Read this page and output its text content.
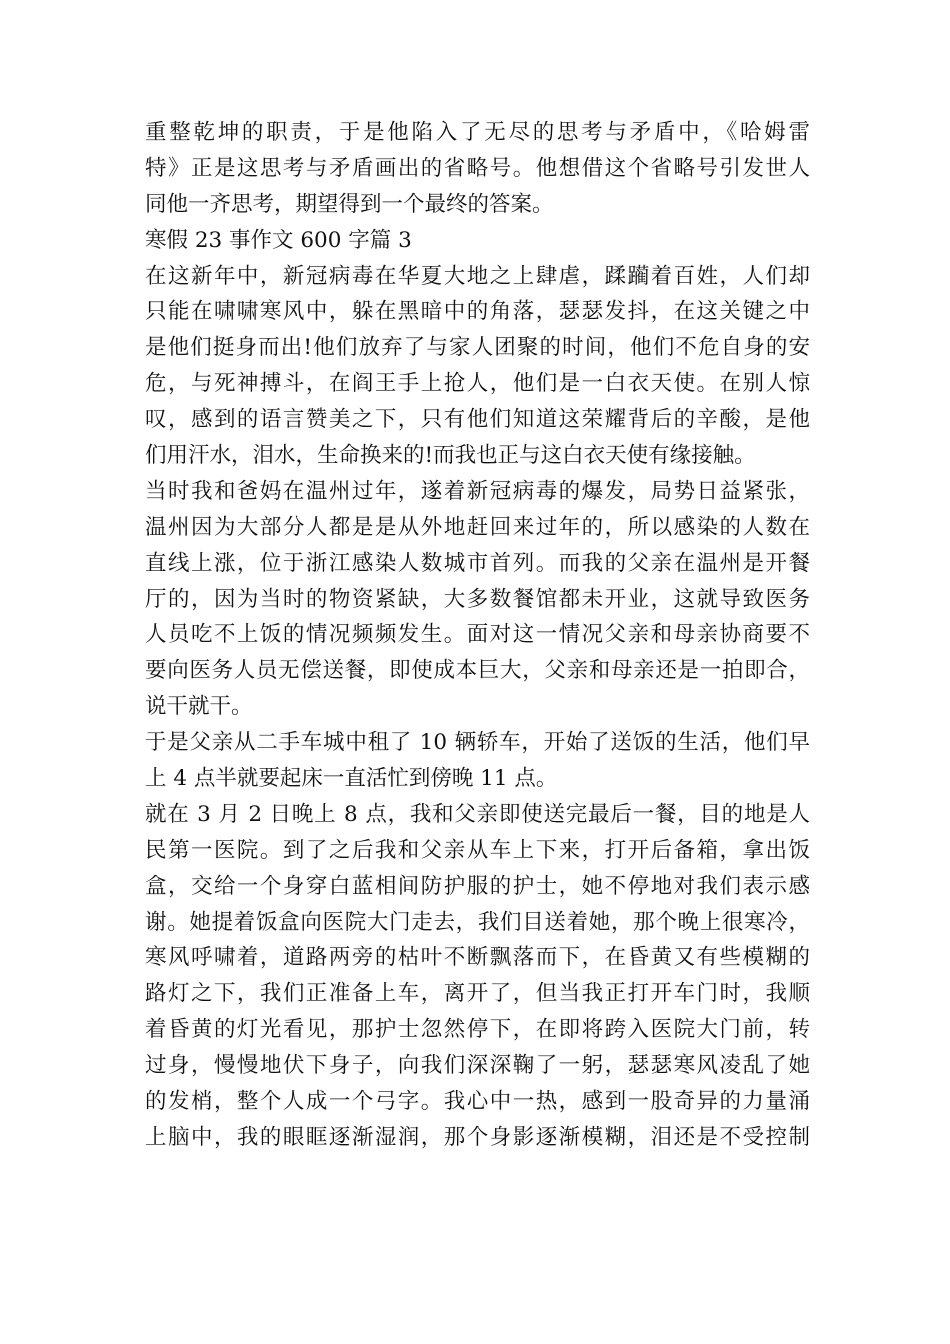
重整乾坤的职责，于是他陷入了无尽的思考与矛盾中，《哈姆雷
特》正是这思考与矛盾画出的省略号。他想借这个省略号引发世人
同他一齐思考，期望得到一个最终的答案。
寒假 23 事作文 600 字篇 3
在这新年中，新冠病毒在华夏大地之上肆虐，蹂躏着百姓，人们却
只能在啸啸寒风中，躲在黑暗中的角落，瑟瑟发抖，在这关键之中
是他们挺身而出!他们放弃了与家人团聚的时间，他们不危自身的安
危，与死神搏斗，在阎王手上抢人，他们是一白衣天使。在别人惊
叹，感到的语言赞美之下，只有他们知道这荣耀背后的辛酸，是他
们用汗水，泪水，生命换来的!而我也正与这白衣天使有缘接触。
当时我和爸妈在温州过年，遂着新冠病毒的爆发，局势日益紧张，
温州因为大部分人都是是从外地赶回来过年的，所以感染的人数在
直线上涨，位于浙江感染人数城市首列。而我的父亲在温州是开餐
厅的，因为当时的物资紧缺，大多数餐馆都未开业，这就导致医务
人员吃不上饭的情况频频发生。面对这一情况父亲和母亲协商要不
要向医务人员无偿送餐，即使成本巨大，父亲和母亲还是一拍即合，
说干就干。
于是父亲从二手车城中租了 10 辆轿车，开始了送饭的生活，他们早
上 4 点半就要起床一直活忙到傍晚 11 点。
就在 3 月 2 日晚上 8 点，我和父亲即使送完最后一餐，目的地是人
民第一医院。到了之后我和父亲从车上下来，打开后备箱，拿出饭
盒，交给一个身穿白蓝相间防护服的护士，她不停地对我们表示感
谢。她提着饭盒向医院大门走去，我们目送着她，那个晚上很寒冷，
寒风呼啸着，道路两旁的枯叶不断飘落而下，在昏黄又有些模糊的
路灯之下，我们正准备上车，离开了，但当我正打开车门时，我顺
着昏黄的灯光看见，那护士忽然停下，在即将跨入医院大门前，转
过身，慢慢地伏下身子，向我们深深鞠了一躬，瑟瑟寒风凌乱了她
的发梢，整个人成一个弓字。我心中一热，感到一股奇异的力量涌
上脑中，我的眼眶逐渐湿润，那个身影逐渐模糊，泪还是不受控制
